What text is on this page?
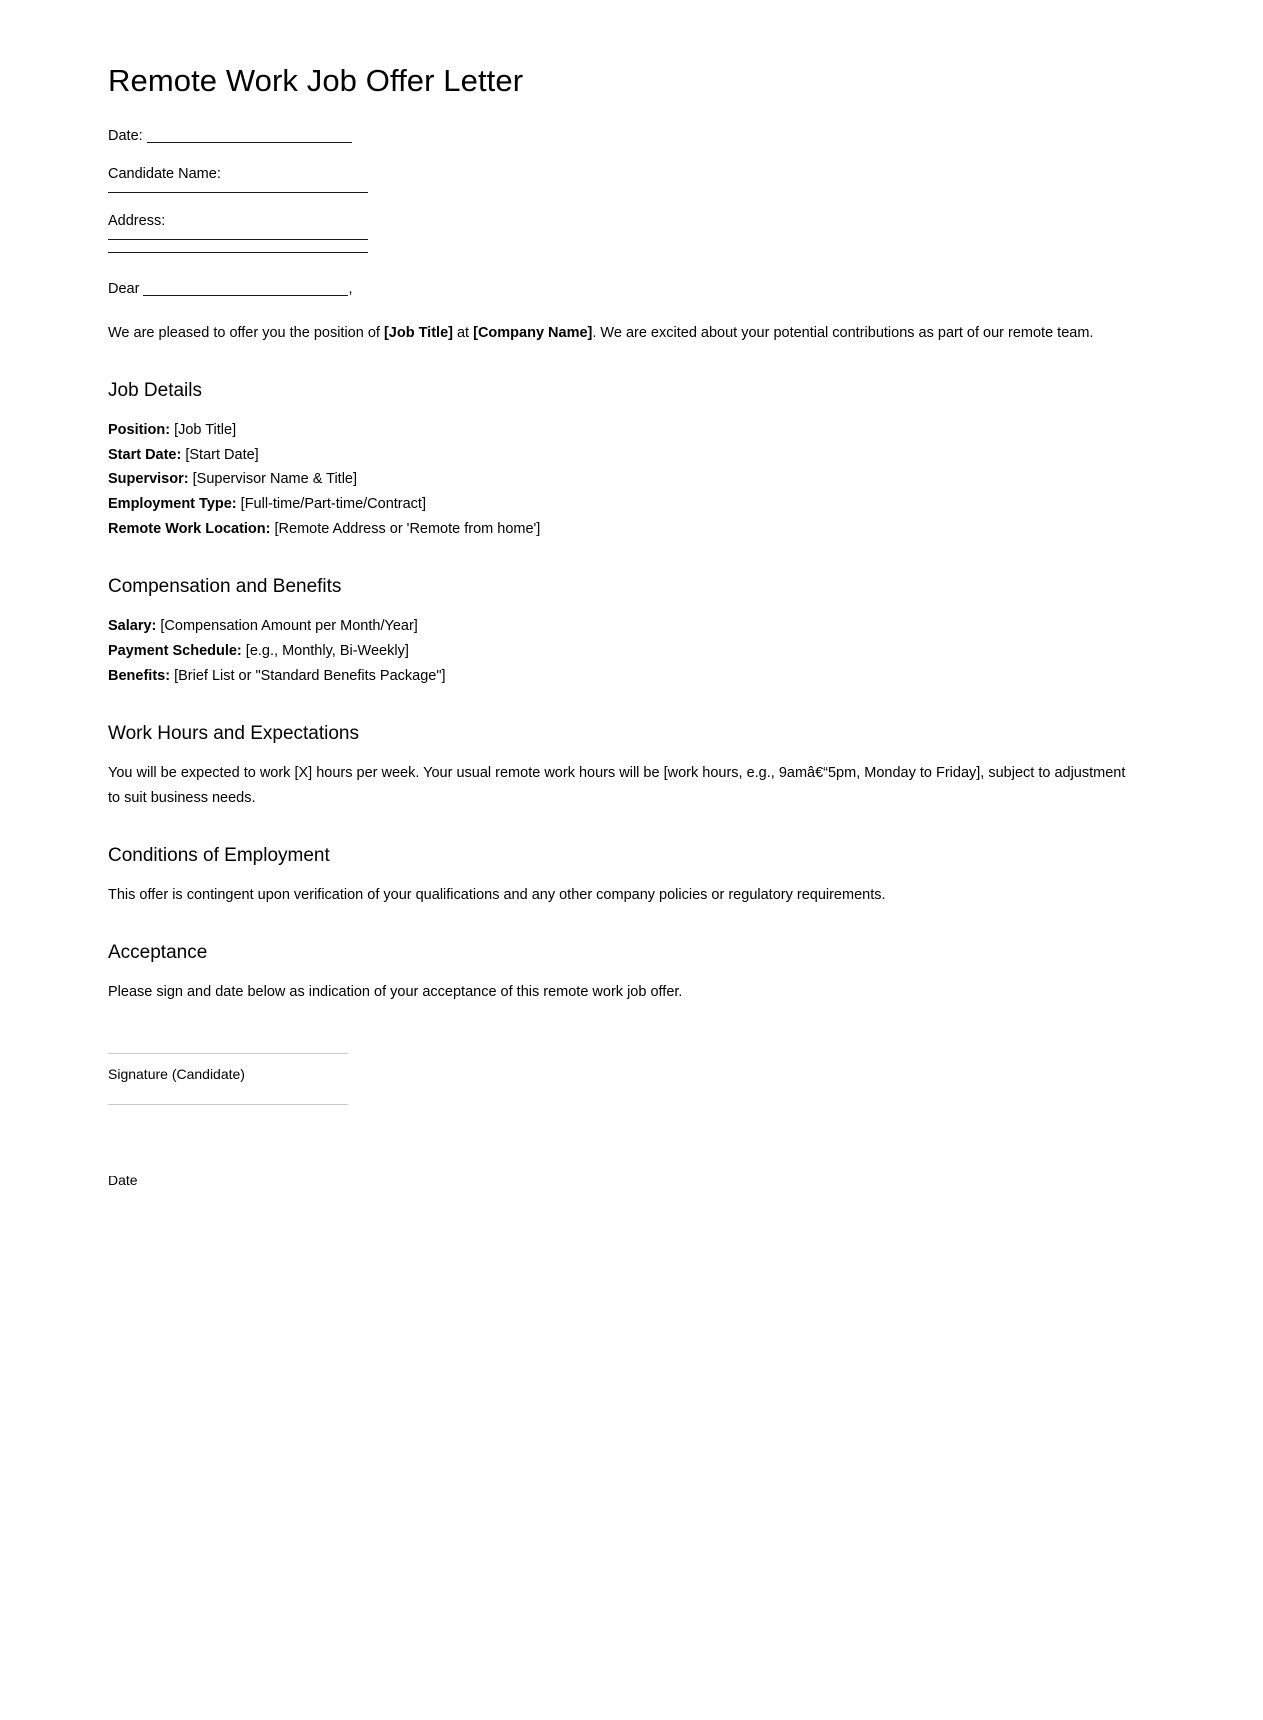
Remote Work Job Offer Letter

Date:

Candidate Name:

Address:

Dear	,

We are pleased to offer you the position of [Job Title] at [Company Name]. We are excited about your potential contributions as part of our remote team.

Job Details
Position: [Job Title]
Start Date: [Start Date]
Supervisor: [Supervisor Name & Title]
Employment Type: [Full-time/Part-time/Contract]
Remote Work Location: [Remote Address or 'Remote from home']
Compensation and Benefits
Salary: [Compensation Amount per Month/Year]
Payment Schedule: [e.g., Monthly, Bi-Weekly]
Benefits: [Brief List or "Standard Benefits Package"]
Work Hours and Expectations

You will be expected to work [X] hours per week. Your usual remote work hours will be [work hours, e.g., 9amâ€“5pm, Monday to Friday], subject to adjustment to suit business needs.

Conditions of Employment

This offer is contingent upon verification of your qualifications and any other company policies or regulatory requirements.

Acceptance

Please sign and date below as indication of your acceptance of this remote work job offer.

Signature (Candidate)

Date
